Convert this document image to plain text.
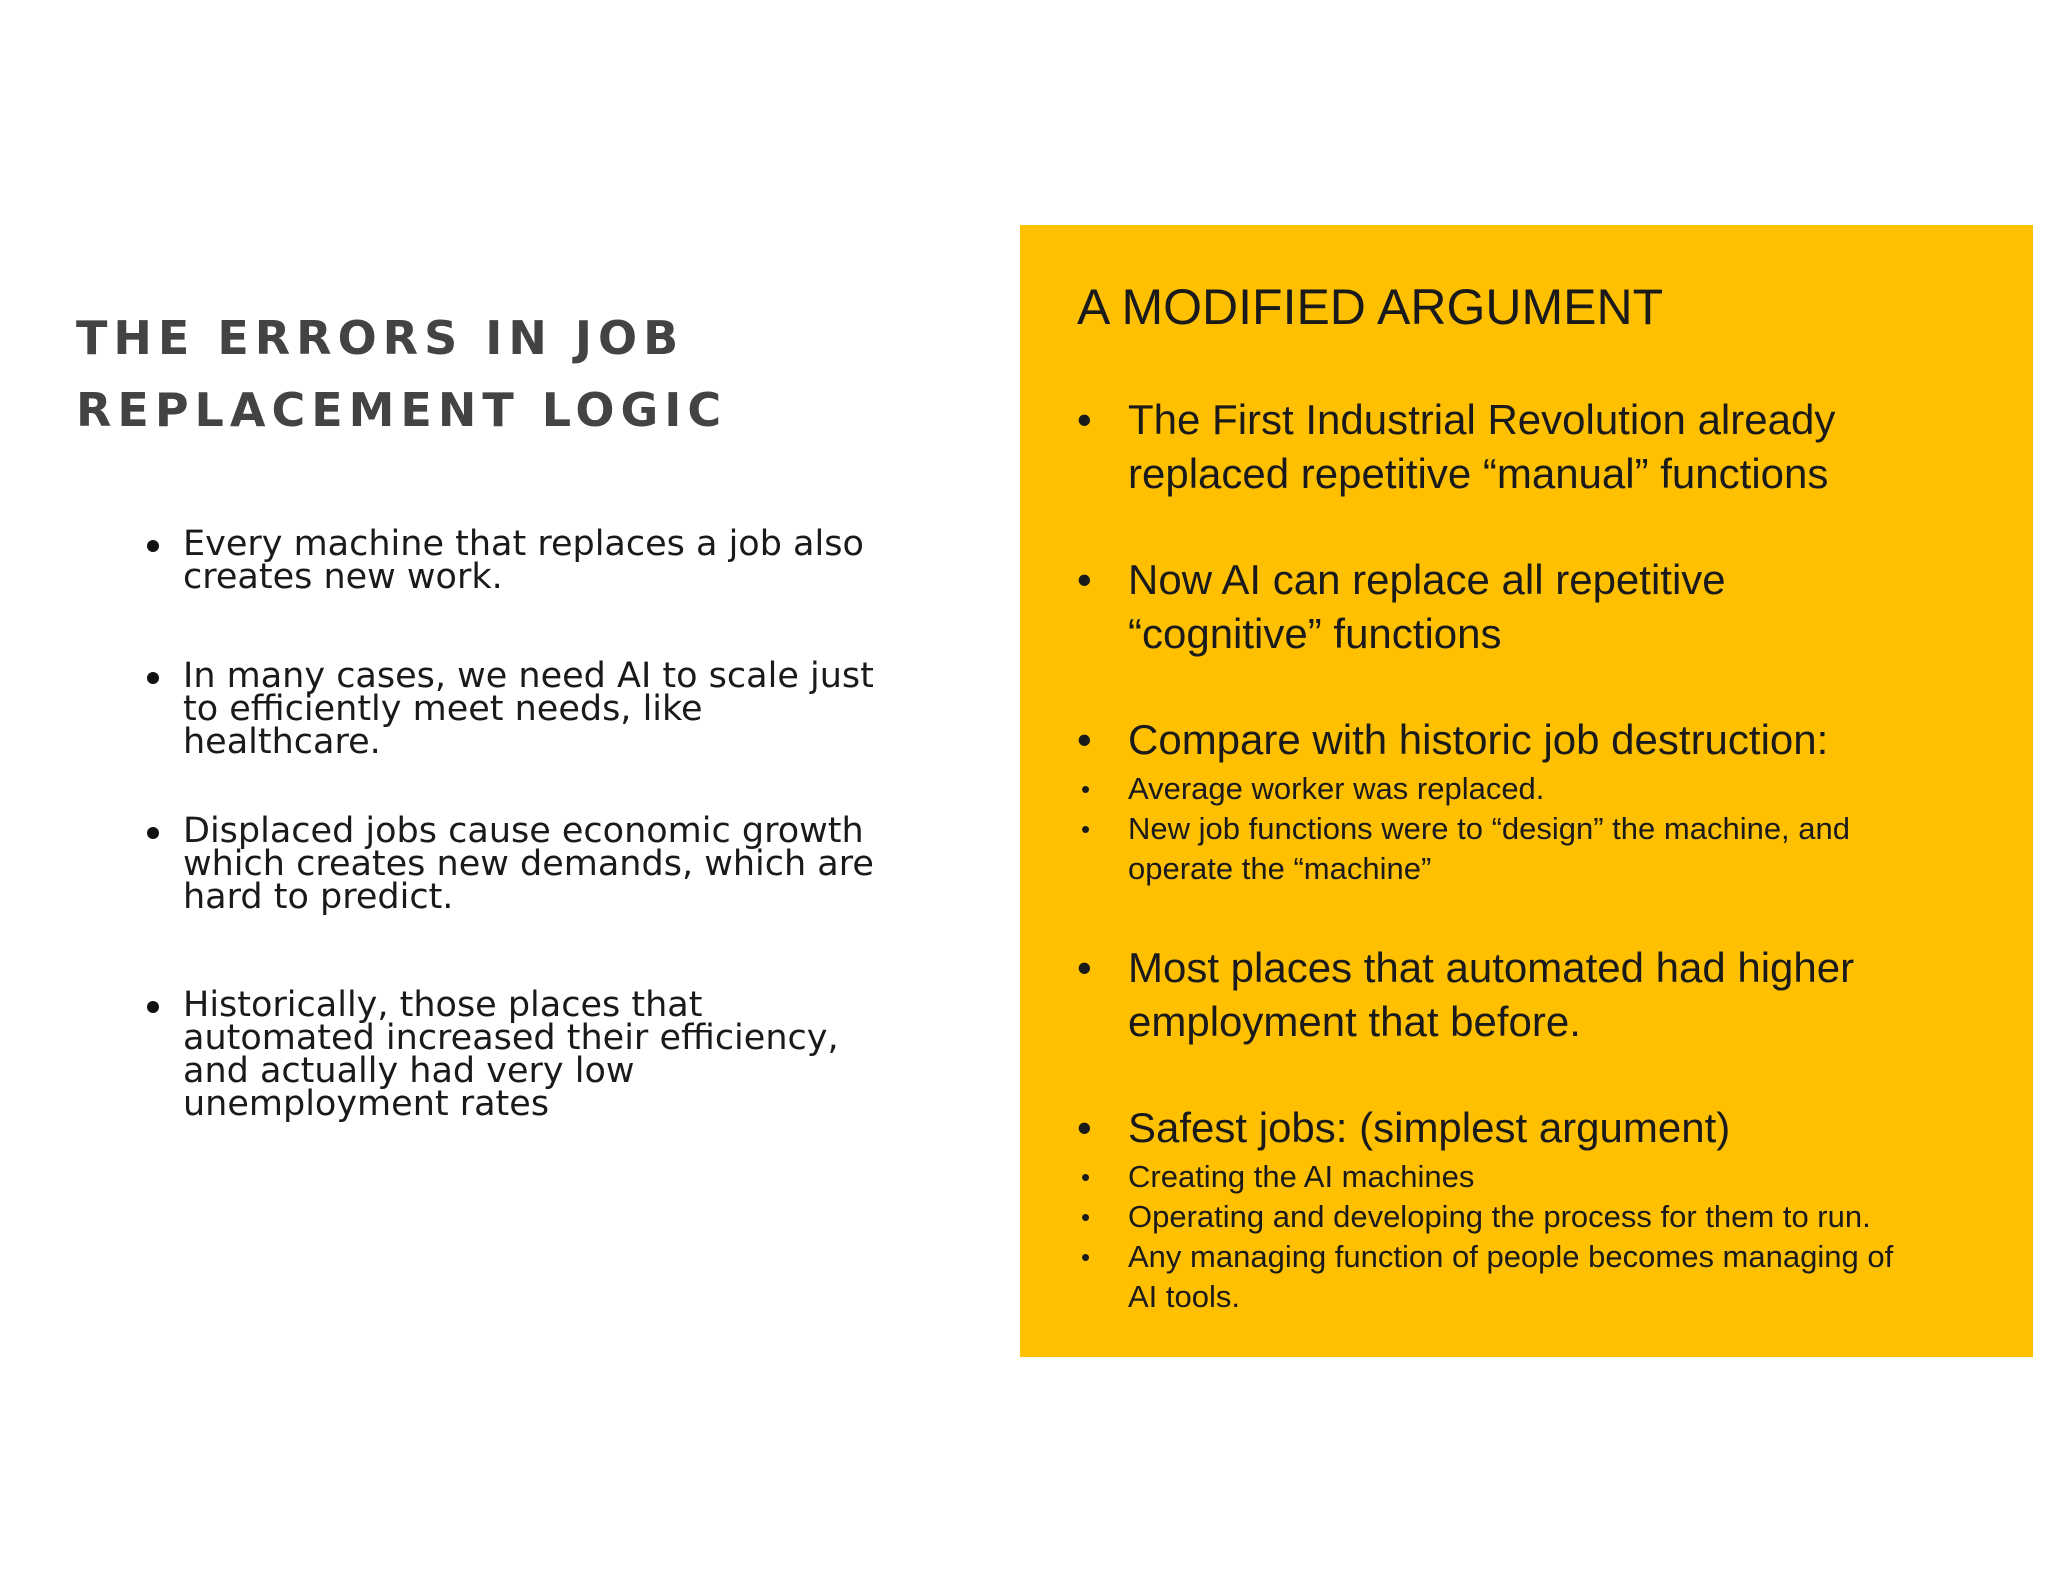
THE ERRORS IN JOB
REPLACEMENT LOGIC
Every machine that replaces a job also
creates new work.
In many cases, we need AI to scale just
to efficiently meet needs, like
healthcare.
Displaced jobs cause economic growth
which creates new demands, which are
hard to predict.
Historically, those places that
automated increased their efficiency,
and actually had very low
unemployment rates
A MODIFIED ARGUMENT
• The First Industrial Revolution already
replaced repetitive “manual” functions
• Now AI can replace all repetitive
“cognitive” functions
• Compare with historic job destruction:
• Average worker was replaced.
• New job functions were to “design” the machine, and
operate the “machine”
• Most places that automated had higher
employment that before.
• Safest jobs: (simplest argument)
• Creating the AI machines
• Operating and developing the process for them to run.
• Any managing function of people becomes managing of
AI tools.
